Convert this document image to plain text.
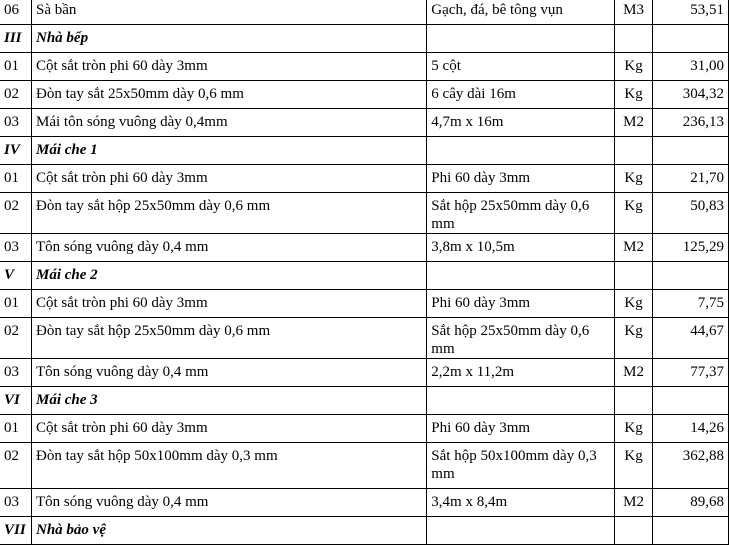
06	Sà bần	Gạch, đá, bê tông vụn	M3	53,51
III	Nhà bếp			
01	Cột sắt tròn phi 60 dày 3mm	5 cột	Kg	31,00
02	Đòn tay sắt 25x50mm dày 0,6 mm	6 cây dài 16m	Kg	304,32
03	Mái tôn sóng vuông dày 0,4mm	4,7m x 16m	M2	236,13
IV	Mái che 1			
01	Cột sắt tròn phi 60 dày 3mm	Phi 60 dày 3mm	Kg	21,70
02	Đòn tay sắt hộp 25x50mm dày 0,6 mm	Sắt hộp 25x50mm dày 0,6 mm	Kg	50,83
03	Tôn sóng vuông dày 0,4 mm	3,8m x 10,5m	M2	125,29
V	Mái che 2			
01	Cột sắt tròn phi 60 dày 3mm	Phi 60 dày 3mm	Kg	7,75
02	Đòn tay sắt hộp 25x50mm dày 0,6 mm	Sắt hộp 25x50mm dày 0,6 mm	Kg	44,67
03	Tôn sóng vuông dày 0,4 mm	2,2m x 11,2m	M2	77,37
VI	Mái che 3			
01	Cột sắt tròn phi 60 dày 3mm	Phi 60 dày 3mm	Kg	14,26
02	Đòn tay sắt hộp 50x100mm dày 0,3 mm	Sắt hộp 50x100mm dày 0,3 mm	Kg	362,88
03	Tôn sóng vuông dày 0,4 mm	3,4m x 8,4m	M2	89,68
VII	Nhà bảo vệ			
